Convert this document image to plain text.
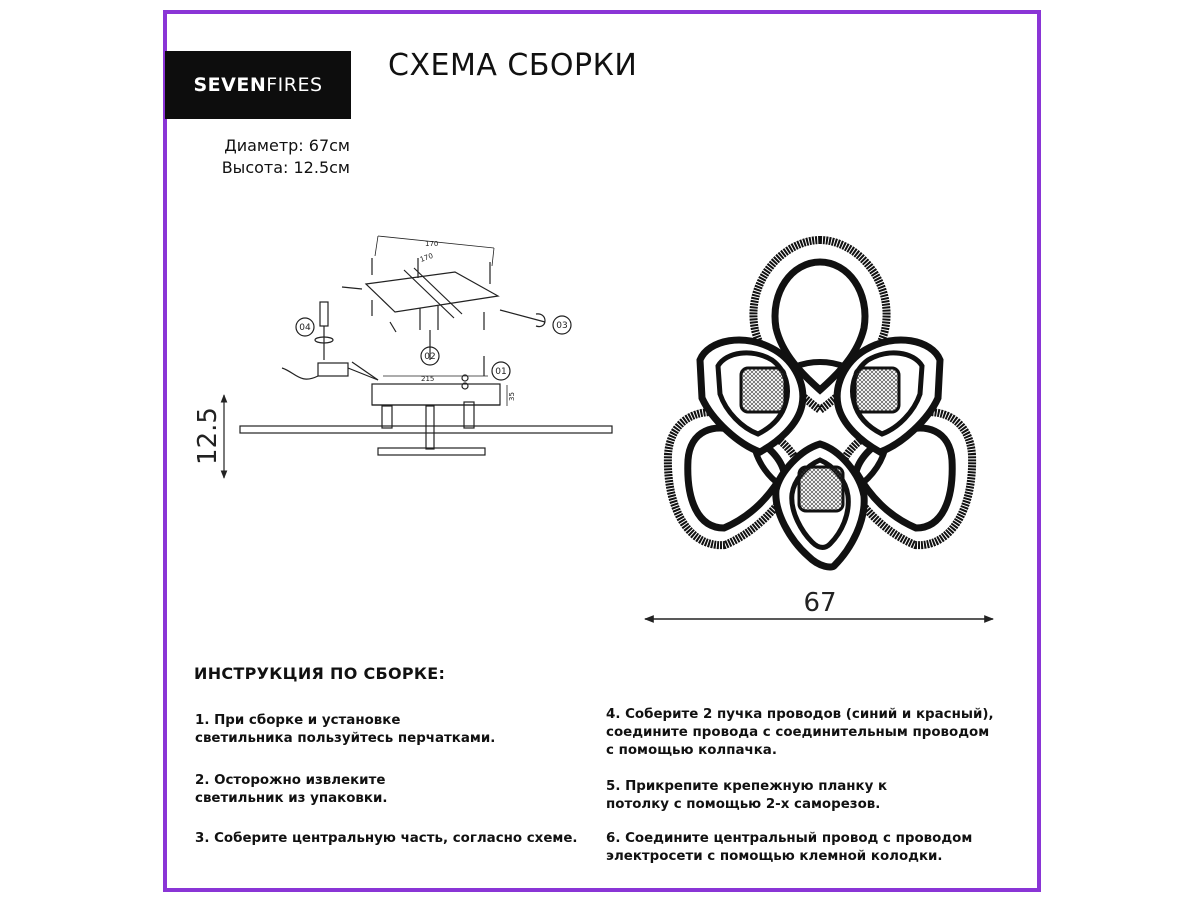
SEVEN FIRES
СХЕМА СБОРКИ
Диаметр: 67см
Высота: 12.5см
04
02
01
03
170
170
215
35
12.5
67
ИНСТРУКЦИЯ ПО СБОРКЕ:
1. При сборке и установке
светильника пользуйтесь перчатками.
2. Осторожно извлеките
светильник из упаковки.
3. Соберите центральную часть, согласно схеме.
4. Соберите 2 пучка проводов (синий и красный),
соедините провода с соединительным проводом
с помощью колпачка.
5. Прикрепите крепежную планку к
потолку с помощью 2-х саморезов.
6. Соедините центральный провод с проводом
электросети с помощью клемной колодки.
